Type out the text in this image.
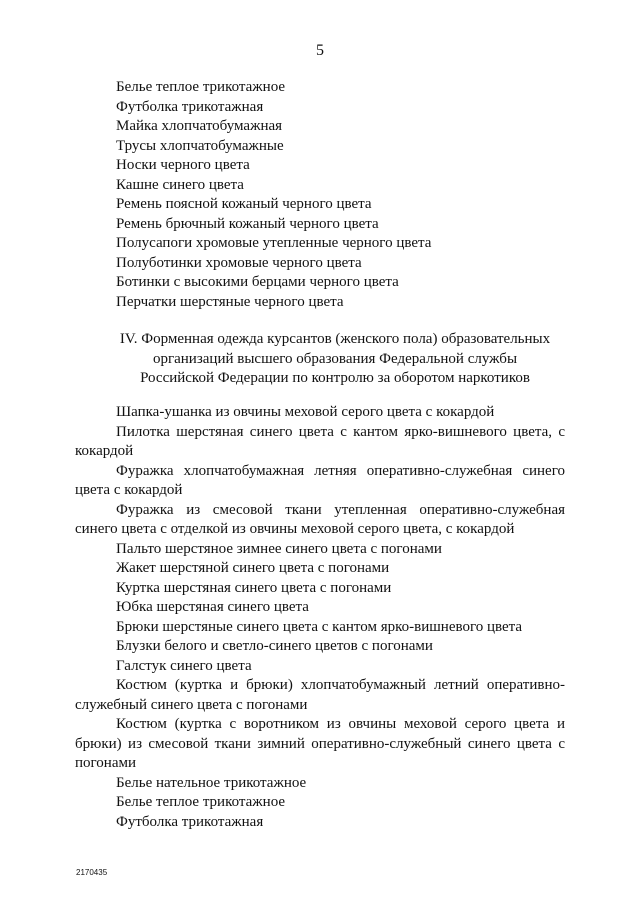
5
Белье теплое трикотажное
Футболка трикотажная
Майка хлопчатобумажная
Трусы хлопчатобумажные
Носки черного цвета
Кашне синего цвета
Ремень поясной кожаный черного цвета
Ремень брючный кожаный черного цвета
Полусапоги хромовые утепленные черного цвета
Полуботинки хромовые черного цвета
Ботинки с высокими берцами черного цвета
Перчатки шерстяные черного цвета
IV. Форменная одежда курсантов (женского пола) образовательных
организаций высшего образования Федеральной службы
Российской Федерации по контролю за оборотом наркотиков
Шапка-ушанка из овчины меховой серого цвета с кокардой
Пилотка шерстяная синего цвета с кантом ярко-вишневого цвета, с кокардой
Фуражка хлопчатобумажная летняя оперативно-служебная синего цвета с кокардой
Фуражка из смесовой ткани утепленная оперативно-служебная синего цвета с отделкой из овчины меховой серого цвета, с кокардой
Пальто шерстяное зимнее синего цвета с погонами
Жакет шерстяной синего цвета с погонами
Куртка шерстяная синего цвета с погонами
Юбка шерстяная синего цвета
Брюки шерстяные синего цвета с кантом ярко-вишневого цвета
Блузки белого и светло-синего цветов с погонами
Галстук синего цвета
Костюм (куртка и брюки) хлопчатобумажный летний оперативно-служебный синего цвета с погонами
Костюм (куртка с воротником из овчины меховой серого цвета и брюки) из смесовой ткани зимний оперативно-служебный синего цвета с погонами
Белье нательное трикотажное
Белье теплое трикотажное
Футболка трикотажная
2170435
